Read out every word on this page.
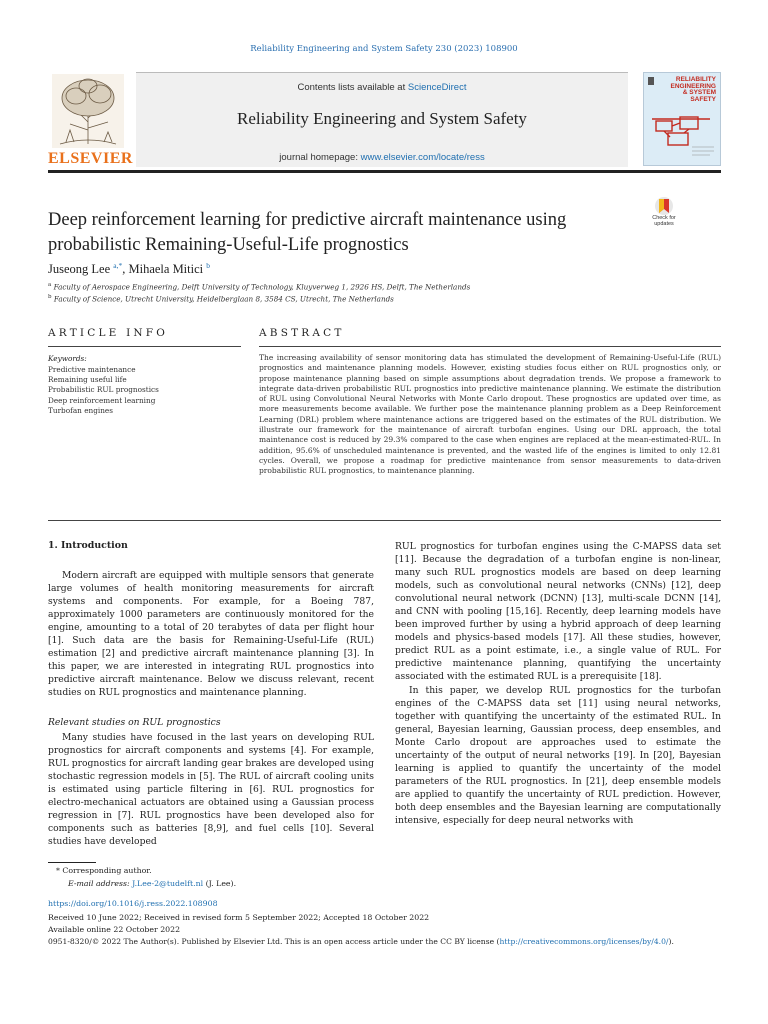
Reliability Engineering and System Safety 230 (2023) 108900
ELSEVIER
Contents lists available at ScienceDirect
Reliability Engineering and System Safety
journal homepage: www.elsevier.com/locate/ress
RELIABILITY
ENGINEERING
& SYSTEM
SAFETY
Deep reinforcement learning for predictive aircraft maintenance using
probabilistic Remaining-Useful-Life prognostics
Check for
updates
Juseong Lee $^{a,*}$, Mihaela Mitici $^b$
$^a$ Faculty of Aerospace Engineering, Delft University of Technology, Kluyverweg 1, 2926 HS, Delft, The Netherlands
$^b$ Faculty of Science, Utrecht University, Heidelberglaan 8, 3584 CS, Utrecht, The Netherlands
ARTICLE INFO
Keywords:
Predictive maintenance
Remaining useful life
Probabilistic RUL prognostics
Deep reinforcement learning
Turbofan engines
ABSTRACT

The increasing availability of sensor monitoring data has stimulated the development of Remaining-Useful-Life (RUL) prognostics and maintenance planning models. However, existing studies focus either on RUL prognostics only, or propose maintenance planning based on simple assumptions about degradation trends. We propose a framework to integrate data-driven probabilistic RUL prognostics into predictive maintenance planning. We estimate the distribution of RUL using Convolutional Neural Networks with Monte Carlo dropout. These prognostics are updated over time, as more measurements become available. We further pose the maintenance planning problem as a Deep Reinforcement Learning (DRL) problem where maintenance actions are triggered based on the estimates of the RUL distribution. We illustrate our framework for the maintenance of aircraft turbofan engines. Using our DRL approach, the total maintenance cost is reduced by 29.3% compared to the case when engines are replaced at the mean-estimated-RUL. In addition, 95.6% of unscheduled maintenance is prevented, and the wasted life of the engines is limited to only 12.81 cycles. Overall, we propose a roadmap for predictive maintenance from sensor measurements to data-driven probabilistic RUL prognostics, to maintenance planning.

1. Introduction

Modern aircraft are equipped with multiple sensors that generate large volumes of health monitoring measurements for aircraft systems and components. For example, for a Boeing 787, approximately 1000 parameters are continuously monitored for the engine, amounting to a total of 20 terabytes of data per flight hour [1]. Such data are the basis for Remaining-Useful-Life (RUL) estimation [2] and predictive aircraft maintenance planning [3]. In this paper, we are interested in integrating RUL prognostics into predictive aircraft maintenance. Below we discuss relevant, recent studies on RUL prognostics and maintenance planning.

Relevant studies on RUL prognostics

Many studies have focused in the last years on developing RUL prognostics for aircraft components and systems [4]. For example, RUL prognostics for aircraft landing gear brakes are developed using stochastic regression models in [5]. The RUL of aircraft cooling units is estimated using particle filtering in [6]. RUL prognostics for electro-mechanical actuators are obtained using a Gaussian process regression in [7]. RUL prognostics have been developed also for components such as batteries [8,9], and fuel cells [10]. Several studies have developed

RUL prognostics for turbofan engines using the C-MAPSS data set [11]. Because the degradation of a turbofan engine is non-linear, many such RUL prognostics models are based on deep learning models, such as convolutional neural networks (CNNs) [12], deep convolutional neural network (DCNN) [13], multi-scale DCNN [14], and CNN with pooling [15,16]. Recently, deep learning models have been improved further by using a hybrid approach of deep learning models and physics-based models [17]. All these studies, however, predict RUL as a point estimate, i.e., a single value of RUL. For predictive maintenance planning, quantifying the uncertainty associated with the estimated RUL is a prerequisite [18].

In this paper, we develop RUL prognostics for the turbofan engines of the C-MAPSS data set [11] using neural networks, together with quantifying the uncertainty of the estimated RUL. In general, Bayesian learning, Gaussian process, deep ensembles, and Monte Carlo dropout are approaches used to estimate the uncertainty of the output of neural networks [19]. In [20], Bayesian learning is applied to quantify the uncertainty of the model parameters of the RUL prognostics. In [21], deep ensemble models are applied to quantify the uncertainty of RUL prediction. However, both deep ensembles and the Bayesian learning are computationally intensive, especially for deep neural networks with

* Corresponding author.
E-mail address: J.Lee-2@tudelft.nl (J. Lee).
https://doi.org/10.1016/j.ress.2022.108908
Received 10 June 2022; Received in revised form 5 September 2022; Accepted 18 October 2022
Available online 22 October 2022
0951-8320/© 2022 The Author(s). Published by Elsevier Ltd. This is an open access article under the CC BY license (http://creativecommons.org/licenses/by/4.0/).
